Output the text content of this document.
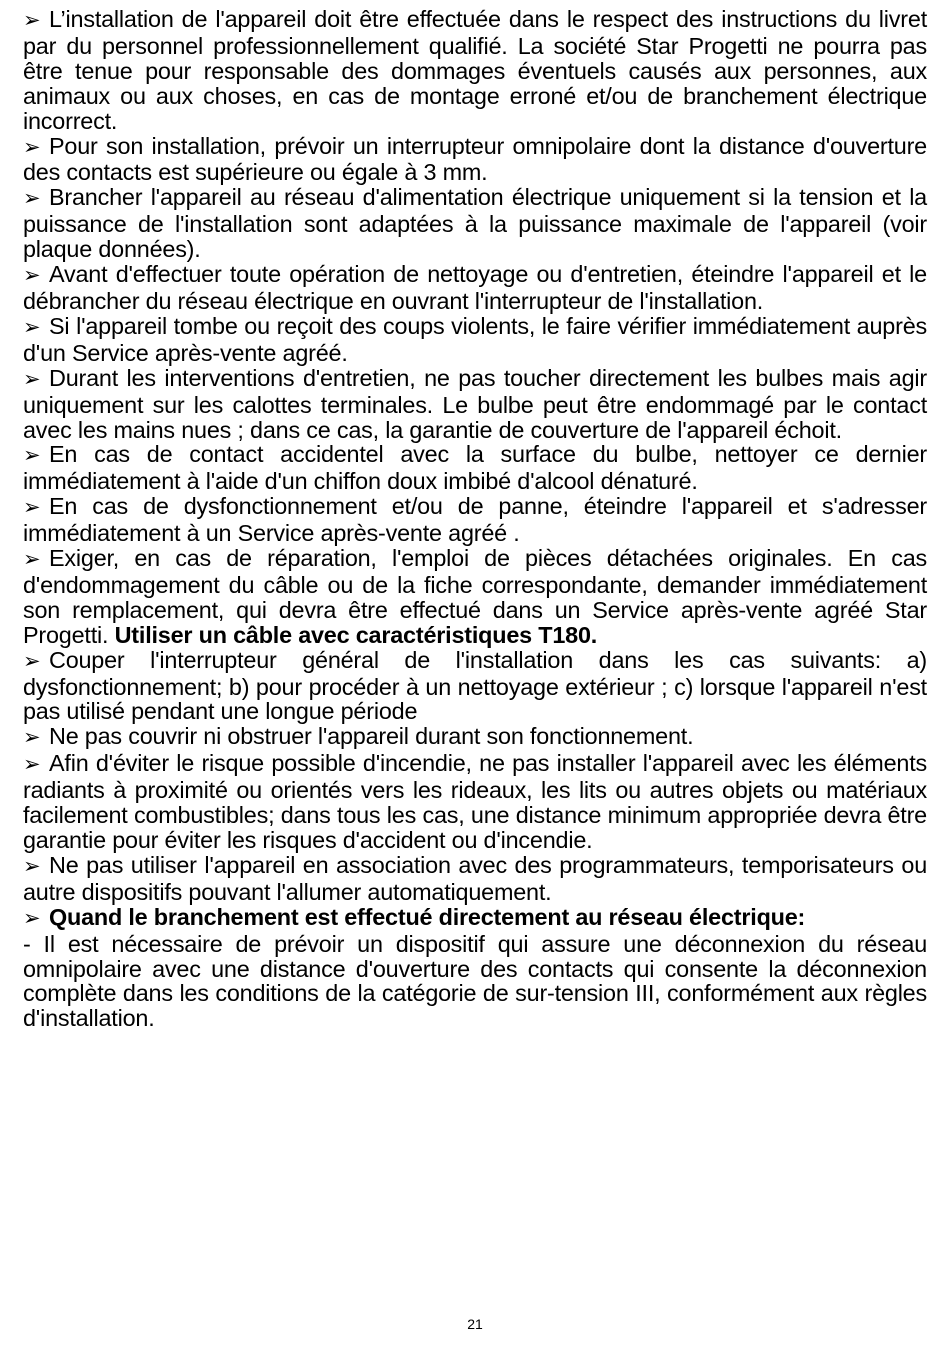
➢ L’installation de l'appareil doit être effectuée dans le respect des instructions du livret par du personnel professionnellement qualifié. La société Star Progetti ne pourra pas être tenue pour responsable des dommages éventuels causés aux personnes, aux animaux ou aux choses, en cas de montage erroné et/ou de branchement électrique incorrect.

➢ Pour son installation, prévoir un interrupteur omnipolaire dont la distance d'ouverture des contacts est supérieure ou égale à 3 mm.

➢ Brancher l'appareil au réseau d'alimentation électrique uniquement si la tension et la puissance de l'installation sont adaptées à la puissance maximale de l'appareil (voir plaque données).

➢ Avant d'effectuer toute opération de nettoyage ou d'entretien, éteindre l'appareil et le débrancher du réseau électrique en ouvrant l'interrupteur de l'installation.

➢ Si l'appareil tombe ou reçoit des coups violents, le faire vérifier immédiatement auprès d'un Service après-vente agréé.

➢ Durant les interventions d'entretien, ne pas toucher directement les bulbes mais agir uniquement sur les calottes terminales. Le bulbe peut être endommagé par le contact avec les mains nues ; dans ce cas, la garantie de couverture de l'appareil échoit.

➢ En cas de contact accidentel avec la surface du bulbe, nettoyer ce dernier immédiatement à l'aide d'un chiffon doux imbibé d'alcool dénaturé.

➢ En cas de dysfonctionnement et/ou de panne, éteindre l'appareil et s'adresser immédiatement à un Service après-vente agréé .

➢ Exiger, en cas de réparation, l'emploi de pièces détachées originales. En cas d'endommagement du câble ou de la fiche correspondante, demander immédiatement son remplacement, qui devra être effectué dans un Service après-vente agréé Star Progetti. Utiliser un câble avec caractéristiques T180.

➢ Couper l'interrupteur général de l'installation dans les cas suivants: a) dysfonctionnement; b) pour procéder à un nettoyage extérieur ; c) lorsque l'appareil n'est pas utilisé pendant une longue période

➢ Ne pas couvrir ni obstruer l'appareil durant son fonctionnement.

➢ Afin d'éviter le risque possible d'incendie, ne pas installer l'appareil avec les éléments radiants à proximité ou orientés vers les rideaux, les lits ou autres objets ou matériaux facilement combustibles; dans tous les cas, une distance minimum appropriée devra être garantie pour éviter les risques d'accident ou d'incendie.

➢ Ne pas utiliser l'appareil en association avec des programmateurs, temporisateurs ou autre dispositifs pouvant l'allumer automatiquement.

➢ Quand le branchement est effectué directement au réseau électrique:

- Il est nécessaire de prévoir un dispositif qui assure une déconnexion du réseau omnipolaire avec une distance d'ouverture des contacts qui consente la déconnexion complète dans les conditions de la catégorie de sur-tension III, conformément aux règles d'installation.

21
